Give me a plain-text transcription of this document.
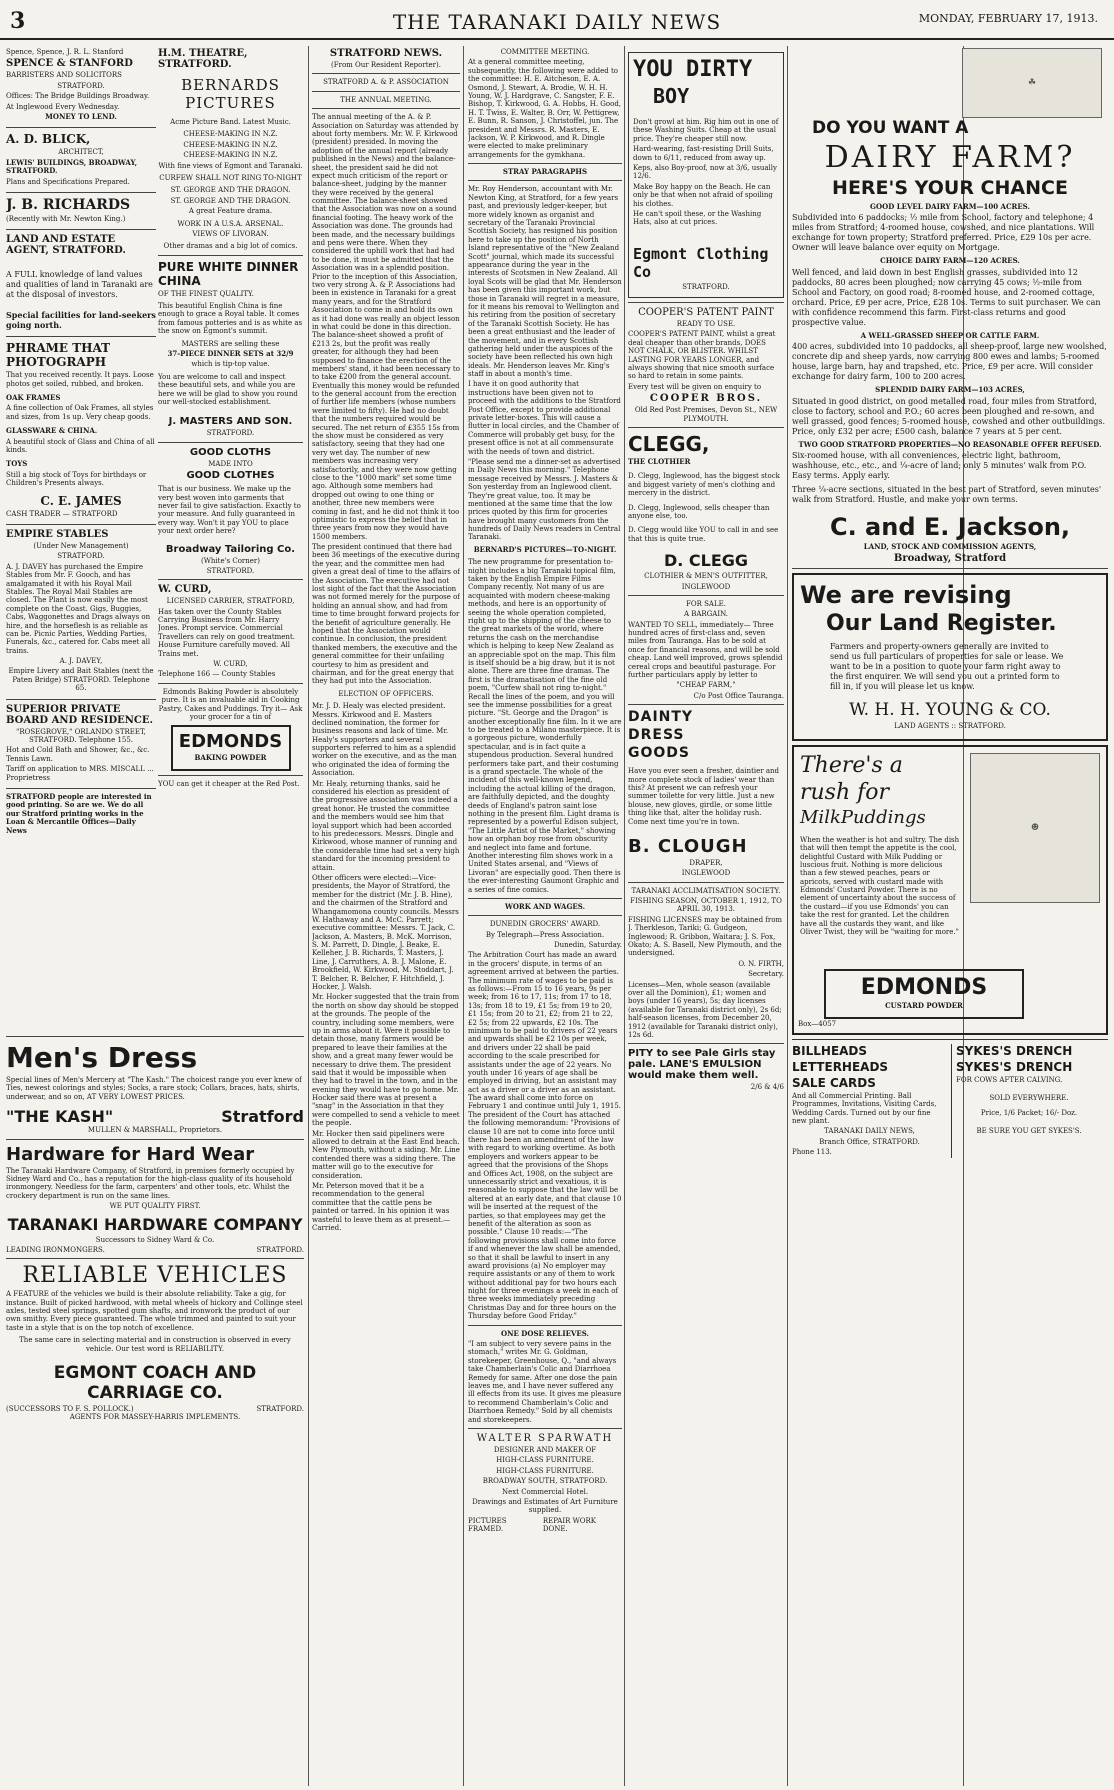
3	THE TARANAKI DAILY NEWS	MONDAY, FEBRUARY 17, 1913.

Spence, Spence, J. R. L. Stanford

SPENCE & STANFORD

BARRISTERS AND SOLICITORS

STRATFORD.

Offices: The Bridge Buildings Broadway.

At Inglewood Every Wednesday.

MONEY TO LEND.

A. D. BLICK,

ARCHITECT,

LEWIS' BUILDINGS, BROADWAY, STRATFORD.

Plans and Specifications Prepared.

J. B. RICHARDS

(Recently with Mr. Newton King.)

LAND AND ESTATE AGENT, STRATFORD.

A FULL knowledge of land values and qualities of land in Taranaki are at the disposal of investors.

Special facilities for land-seekers going north.

PHRAME THAT PHOTOGRAPH

That you received recently. It pays. Loose photos get soiled, rubbed, and broken.

OAK FRAMES

A fine collection of Oak Frames, all styles and sizes, from 1s up. Very cheap goods.

GLASSWARE & CHINA.

A beautiful stock of Glass and China of all kinds.

TOYS

Still a big stock of Toys for birthdays or Children's Presents always.

C. E. JAMES

CASH TRADER — STRATFORD

EMPIRE STABLES

(Under New Management)

STRATFORD.

A. J. DAVEY has purchased the Empire Stables from Mr. F. Gooch, and has amalgamated it with his Royal Mail Stables. The Royal Mail Stables are closed. The Plant is now easily the most complete on the Coast. Gigs, Buggies, Cabs, Waggonettes and Drags always on hire, and the horseflesh is as reliable as can be. Picnic Parties, Wedding Parties, Funerals, &c., catered for. Cabs meet all trains.

A. J. DAVEY,

Empire Livery and Bait Stables (next the Paten Bridge) STRATFORD. Telephone 65.

SUPERIOR PRIVATE BOARD AND RESIDENCE.

"ROSEGROVE," ORLANDO STREET, STRATFORD. Telephone 155.

Hot and Cold Bath and Shower, &c., &c. Tennis Lawn.

Tariff on application to MRS. MISCALL ... Proprietress

STRATFORD people are interested in good printing. So are we. We do all our Stratford printing works in the Loan & Mercantile Offices—Daily News

H.M. THEATRE, STRATFORD.

BERNARDS PICTURES

Acme Picture Band. Latest Music.

CHEESE-MAKING IN N.Z.

CHEESE-MAKING IN N.Z.

CHEESE-MAKING IN N.Z.

With fine views of Egmont and Taranaki.

CURFEW SHALL NOT RING TO-NIGHT

ST. GEORGE AND THE DRAGON.

ST. GEORGE AND THE DRAGON.

A great Feature drama.

WORK IN A U.S.A. ARSENAL.

VIEWS OF LIVORAN.

Other dramas and a big lot of comics.

PURE WHITE DINNER CHINA

OF THE FINEST QUALITY.

This beautiful English China is fine enough to grace a Royal table. It comes from famous potteries and is as white as the snow on Egmont's summit.

MASTERS are selling these

37-PIECE DINNER SETS at 32/9

which is tip-top value.

You are welcome to call and inspect these beautiful sets, and while you are here we will be glad to show you round our well-stocked establishment.

J. MASTERS AND SON.

STRATFORD.

GOOD CLOTHS

MADE INTO

GOOD CLOTHES

That is our business. We make up the very best woven into garments that never fail to give satisfaction. Exactly to your measure. And fully guaranteed in every way. Won't it pay YOU to place your next order here?

Broadway Tailoring Co.

(White's Corner)

STRATFORD.

W. CURD,

LICENSED CARRIER, STRATFORD,

Has taken over the County Stables Carrying Business from Mr. Harry Jones. Prompt service. Commercial Travellers can rely on good treatment. House Furniture carefully moved. All Trains met.

W. CURD,

Telephone 166 — County Stables

Edmonds Baking Powder is absolutely pure. It is an invaluable aid in Cooking Pastry, Cakes and Puddings. Try it— Ask your grocer for a tin of

EDMONDS

BAKING POWDER

YOU can get it cheaper at the Red Post.

Men's Dress

Special lines of Men's Mercery at "The Kash." The choicest range you ever knew of Ties, newest colorings and styles; Socks, a rare stock; Collars, braces, hats, shirts, underwear, and so on, AT VERY LOWEST PRICES.

"THE KASH"	Stratford

MULLEN & MARSHALL, Proprietors.

Hardware for Hard Wear

The Taranaki Hardware Company, of Stratford, in premises formerly occupied by Sidney Ward and Co., has a reputation for the high-class quality of its household ironmongery. Needless for the farm, carpenters' and other tools, etc. Whilst the crockery department is run on the same lines.

WE PUT QUALITY FIRST.

TARANAKI HARDWARE COMPANY

Successors to Sidney Ward & Co.

LEADING IRONMONGERS.	STRATFORD.

RELIABLE VEHICLES

A FEATURE of the vehicles we build is their absolute reliability. Take a gig, for instance. Built of picked hardwood, with metal wheels of hickory and Collinge steel axles, tested steel springs, spotted gum shafts, and ironwork the product of our own smithy. Every piece guaranteed. The whole trimmed and painted to suit your taste in a style that is on the top notch of excellence.

The same care in selecting material and in construction is observed in every vehicle. Our test word is RELIABILITY.

EGMONT COACH AND CARRIAGE CO.

(SUCCESSORS TO F. S. POLLOCK.)	STRATFORD.

AGENTS FOR MASSEY-HARRIS IMPLEMENTS.

STRATFORD NEWS.

(From Our Resident Reporter).

STRATFORD A. & P. ASSOCIATION

THE ANNUAL MEETING.

The annual meeting of the A. & P. Association on Saturday was attended by about forty members. Mr. W. F. Kirkwood (president) presided. In moving the adoption of the annual report (already published in the News) and the balance-sheet, the president said he did not expect much criticism of the report or balance-sheet, judging by the manner they were received by the general committee. The balance-sheet showed that the Association was now on a sound financial footing. The heavy work of the Association was done. The grounds had been made, and the necessary buildings and pens were there. When they considered the uphill work that had had to be done, it must be admitted that the Association was in a splendid position. Prior to the inception of this Association, two very strong A. & P. Associations had been in existence in Taranaki for a great many years, and for the Stratford Association to come in and hold its own as it had done was really an object lesson in what could be done in this direction. The balance-sheet showed a profit of £213 2s, but the profit was really greater, for although they had been supposed to finance the erection of the members' stand, it had been necessary to to take £200 from the general account. Eventually this money would be refunded to the general account from the erection of further life members (whose numbers were limited to fifty). He had no doubt that the numbers required would be secured. The net return of £355 15s from the show must be considered as very satisfactory, seeing that they had one very wet day. The number of new members was increasing very satisfactorily, and they were now getting close to the "1000 mark" set some time ago. Although some members had dropped out owing to one thing or another, three new members were coming in fast, and he did not think it too optimistic to express the belief that in three years from now they would have 1500 members.

The president continued that there had been 36 meetings of the executive during the year, and the committee men had given a great deal of time to the affairs of the Association. The executive had not lost sight of the fact that the Association was not formed merely for the purpose of holding an annual show, and had from time to time brought forward projects for the benefit of agriculture generally. He hoped that the Association would continue. In conclusion, the president thanked members, the executive and the general committee for their unfailing courtesy to him as president and chairman, and for the great energy that they had put into the Association.

ELECTION OF OFFICERS.

Mr. J. D. Healy was elected president. Messrs. Kirkwood and E. Masters declined nomination, the former for business reasons and lack of time. Mr. Healy's supporters and several supporters referred to him as a splendid worker on the executive, and as the man who originated the idea of forming the Association.

Mr. Healy, returning thanks, said he considered his election as president of the progressive association was indeed a great honor. He trusted the committee and the members would see him that loyal support which had been accorded to his predecessors. Messrs. Dingle and Kirkwood, whose manner of running and the considerable time had set a very high standard for the incoming president to attain.

Other officers were elected:—Vice-presidents, the Mayor of Stratford, the member for the district (Mr. J. B. Hine), and the chairmen of the Stratford and Whangamomona county councils. Messrs W. Hathaway and A. McC. Parrett; executive committee: Messrs. T. Jack, C. Jackson, A. Masters, B. McK. Morrison, S. M. Parrett, D. Dingle, J. Beake, E. Kelleher, J. B. Richards, T. Masters, J. Line, J. Carruthers, A. B. J. Malone, E. Brookfield, W. Kirkwood, M. Stoddart, J. T. Belcher, R. Belcher, F. Hitchfield, J. Hocker, J. Walsh.

Mr. Hocker suggested that the train from the north on show day should be stopped at the grounds. The people of the country, including some members, were up in arms about it. Were it possible to detain those, many farmers would be prepared to leave their families at the show, and a great many fewer would be necessary to drive them. The president said that it would be impossible when they had to travel in the town, and in the evening they would have to go home. Mr. Hocker said there was at present a "snag" in the Association in that they were compelled to send a vehicle to meet the people.

Mr. Hocker then said pipeliners were allowed to detrain at the East End beach. New Plymouth, without a siding. Mr. Line contended there was a siding there. The matter will go to the executive for consideration.

Mr. Peterson moved that it be a recommendation to the general committee that the cattle pens be painted or tarred. In his opinion it was wasteful to leave them as at present.—Carried.

COMMITTEE MEETING.

At a general committee meeting, subsequently, the following were added to the committee: H. E. Aitcheson, E. A. Osmond, J. Stewart, A. Brodie, W. H. H. Young, W. J. Hardgrave, C. Sangster, F. E. Bishop, T. Kirkwood, G. A. Hobbs, H. Good, H. T. Twiss, E. Walter, B. Orr, W. Pettigrew, E. Bunn, R. Sanson, J. Christoffel, jun. The president and Messrs. R. Masters, E. Jackson, W. P. Kirkwood, and R. Dingle were elected to make preliminary arrangements for the gymkhana.

STRAY PARAGRAPHS

Mr. Roy Henderson, accountant with Mr. Newton King, at Stratford, for a few years past, and previously ledger-keeper, but more widely known as organist and secretary of the Taranaki Provincial Scottish Society, has resigned his position here to take up the position of North Island representative of the "New Zealand Scott" journal, which made its successful appearance during the year in the interests of Scotsmen in New Zealand. All loyal Scots will be glad that Mr. Henderson has been given this important work, but those in Taranaki will regret in a measure, for it means his removal to Wellington and his retiring from the position of secretary of the Taranaki Scottish Society. He has been a great enthusiast and the leader of the movement, and in every Scottish gathering held under the auspices of the society have been reflected his own high ideals. Mr. Henderson leaves Mr. King's staff in about a month's time.

I have it on good authority that instructions have been given not to proceed with the additions to the Stratford Post Office, except to provide additional private letter-boxes. This will cause a flutter in local circles, and the Chamber of Commerce will probably get busy, for the present office is not at all commensurate with the needs of town and district.

"Please send me a dinner-set as advertised in Daily News this morning." Telephone message received by Messrs. J. Masters & Son yesterday from an Inglewood client. They're great value, too. It may be mentioned at the same time that the low prices quoted by this firm for groceries have brought many customers from the hundreds of Daily News readers in Central Taranaki.

BERNARD'S PICTURES—TO-NIGHT.

The new programme for presentation to-night includes a big Taranaki topical film, taken by the English Empire Films Company recently. Not many of us are acquainted with modern cheese-making methods, and here is an opportunity of seeing the whole operation completed, right up to the shipping of the cheese to the great markets of the world, where returns the cash on the merchandise which is helping to keep New Zealand as an appreciable spot on the map. This film is itself should be a big draw, but it is not alone. There are three fine dramas. The first is the dramatisation of the fine old poem, "Curfew shall not ring to-night." Recall the lines of the poem, and you will see the immense possibilities for a great picture. "St. George and the Dragon" is another exceptionally fine film. In it we are to be treated to a Milano masterpiece. It is a gorgeous picture, wonderfully spectacular, and is in fact quite a stupendous production. Several hundred performers take part, and their costuming is a grand spectacle. The whole of the incident of this well-known legend, including the actual killing of the dragon, are faithfully depicted, and the doughty deeds of England's patron saint lose nothing in the present film. Light drama is represented by a powerful Edison subject, "The Little Artist of the Market," showing how an orphan boy rose from obscurity and neglect into fame and fortune. Another interesting film shows work in a United States arsenal, and "Views of Livoran" are especially good. Then there is the ever-interesting Gaumont Graphic and a series of fine comics.

WORK AND WAGES.

DUNEDIN GROCERS' AWARD.

By Telegraph—Press Association.

Dunedin, Saturday.

The Arbitration Court has made an award in the grocers' dispute, in terms of an agreement arrived at between the parties. The minimum rate of wages to be paid is as follows:—From 15 to 16 years, 9s per week; from 16 to 17, 11s; from 17 to 18, 13s; from 18 to 19, £1 5s; from 19 to 20, £1 15s; from 20 to 21, £2; from 21 to 22, £2 5s; from 22 upwards, £2 10s. The minimum to be paid to drivers of 22 years and upwards shall be £2 10s per week, and drivers under 22 shall be paid according to the scale prescribed for assistants under the age of 22 years. No youth under 16 years of age shall be employed in driving, but an assistant may act as a driver or a driver as an assistant. The award shall come into force on February 1 and continue until July 1, 1915. The president of the Court has attached the following memorandum: "Provisions of clause 10 are not to come into force until there has been an amendment of the law with regard to working overtime. As both employers and workers appear to be agreed that the provisions of the Shops and Offices Act, 1908, on the subject are unnecessarily strict and vexatious, it is reasonable to suppose that the law will be altered at an early date, and that clause 10 will be inserted at the request of the parties, so that employees may get the benefit of the alteration as soon as possible." Clause 10 reads:—"The following provisions shall come into force if and whenever the law shall be amended, so that it shall be lawful to insert in any award provisions (a) No employer may require assistants or any of them to work without additional pay for two hours each night for three evenings a week in each of three weeks immediately preceding Christmas Day and for three hours on the Thursday before Good Friday."

ONE DOSE RELIEVES.

"I am subject to very severe pains in the stomach," writes Mr. G. Goldman, storekeeper, Greenhouse, Q., "and always take Chamberlain's Colic and Diarrhoea Remedy for same. After one dose the pain leaves me, and I have never suffered any ill effects from its use. It gives me pleasure to recommend Chamberlain's Colic and Diarrhoea Remedy." Sold by all chemists and storekeepers.

WALTER SPARWATH

DESIGNER AND MAKER OF

HIGH-CLASS FURNITURE.

HIGH-CLASS FURNITURE.

BROADWAY SOUTH, STRATFORD.

Next Commercial Hotel.

Drawings and Estimates of Art Furniture supplied.

PICTURES FRAMED.
REPAIR WORK DONE.

YOU DIRTY

BOY

Don't growl at him. Rig him out in one of these Washing Suits. Cheap at the usual price. They're cheaper still now.

Hard-wearing, fast-resisting Drill Suits, down to 6/11, reduced from away up.

Keps, also Boy-proof, now at 3/6, usually 12/6.

Make Boy happy on the Beach. He can only be that when not afraid of spoiling his clothes.

He can't spoil these, or the Washing Hats, also at cut prices.

Egmont Clothing Co

STRATFORD.

COOPER'S PATENT PAINT

READY TO USE.

COOPER'S PATENT PAINT, whilst a great deal cheaper than other brands, DOES NOT CHALK, OR BLISTER. WHILST LASTING FOR YEARS LONGER, and always showing that nice smooth surface so hard to retain in some paints.

Every test will be given on enquiry to

COOPER BROS.

Old Red Post Premises, Devon St., NEW PLYMOUTH.

CLEGG,

THE CLOTHIER

D. Clegg, Inglewood, has the biggest stock and biggest variety of men's clothing and mercery in the district.

D. Clegg, Inglewood, sells cheaper than anyone else, too.

D. Clegg would like YOU to call in and see that this is quite true.

D. CLEGG

CLOTHIER & MEN'S OUTFITTER,

INGLEWOOD

FOR SALE.

A BARGAIN.

WANTED TO SELL, immediately— Three hundred acres of first-class and, seven miles from Tauranga. Has to be sold at once for financial reasons, and will be sold cheap. Land well improved, grows splendid cereal crops and beautiful pasturage. For further particulars apply by letter to

"CHEAP FARM,"

C/o Post Office Tauranga.

DAINTY

DRESS

GOODS

Have you ever seen a fresher, daintier and more complete stock of ladies' wear than this? At present we can refresh your summer toilette for very little. Just a new blouse, new gloves, girdle, or some little thing like that, alter the holiday rush. Come next time you're in town.

B. CLOUGH

DRAPER,

INGLEWOOD

TARANAKI ACCLIMATISATION SOCIETY.

FISHING SEASON, OCTOBER 1, 1912, TO APRIL 30, 1913.

FISHING LICENSES may be obtained from J. Therkleson, Tariki; G. Gudgeon, Inglewood; R. Gribbon, Waitara; J. S. Fox, Okato; A. S. Basell, New Plymouth, and the undersigned.

O. N. FIRTH,

Secretary.

Licenses—Men, whole season (available over all the Dominion), £1; women and boys (under 16 years), 5s; day licenses (available for Taranaki district only), 2s 6d; half-season licenses, from December 20, 1912 (available for Taranaki district only), 12s 6d.

PITY to see Pale Girls stay pale. LANE'S EMULSION would make them well.

2/6 & 4/6

☘

DO YOU WANT A

DAIRY FARM?

HERE'S YOUR CHANCE

GOOD LEVEL DAIRY FARM—100 ACRES.

Subdivided into 6 paddocks; ½ mile from School, factory and telephone; 4 miles from Stratford; 4-roomed house, cowshed, and nice plantations. Will exchange for town property; Stratford preferred. Price, £29 10s per acre. Owner will leave balance over equity on Mortgage.

CHOICE DAIRY FARM—120 ACRES.

Well fenced, and laid down in best English grasses, subdivided into 12 paddocks, 80 acres been ploughed; now carrying 45 cows; ½-mile from School and Factory, on good road; 8-roomed house, and 2-roomed cottage, orchard. Price, £9 per acre, Price, £28 10s. Terms to suit purchaser. We can with confidence recommend this farm. First-class returns and good prospective value.

A WELL-GRASSED SHEEP OR CATTLE FARM.

400 acres, subdivided into 10 paddocks, all sheep-proof, large new woolshed, concrete dip and sheep yards, now carrying 800 ewes and lambs; 5-roomed house, large barn, hay and trapshed, etc. Price, £9 per acre. Will consider exchange for dairy farm, 100 to 200 acres.

SPLENDID DAIRY FARM—103 ACRES,

Situated in good district, on good metalled road, four miles from Stratford, close to factory, school and P.O.; 60 acres been ploughed and re-sown, and well grassed, good fences; 5-roomed house, cowshed and other outbuildings. Price, only £32 per acre; £500 cash, balance 7 years at 5 per cent.

TWO GOOD STRATFORD PROPERTIES—NO REASONABLE OFFER REFUSED.

Six-roomed house, with all conveniences, electric light, bathroom, washhouse, etc., etc., and ¼-acre of land; only 5 minutes' walk from P.O. Easy terms. Apply early.

Three ¼-acre sections, situated in the best part of Stratford, seven minutes' walk from Stratford. Hustle, and make your own terms.

C. and E. Jackson,

LAND, STOCK AND COMMISSION AGENTS,

Broadway, Stratford

We are revising

Our Land Register.

Farmers and property-owners generally are invited to send us full particulars of properties for sale or lease. We want to be in a position to quote your farm right away to the first enquirer. We will send you out a printed form to fill in, if you will please let us know.

W. H. H. YOUNG & CO.

LAND AGENTS :: STRATFORD.

There's a

rush for

MilkPuddings

When the weather is hot and sultry. The dish that will then tempt the appetite is the cool, delightful Custard with Milk Pudding or luscious fruit. Nothing is more delicious than a few stewed peaches, pears or apricots, served with custard made with Edmonds' Custard Powder. There is no element of uncertainty about the success of the custard—if you use Edmonds' you can take the rest for granted. Let the children have all the custards they want, and like Oliver Twist, they will be "waiting for more."

☻

EDMONDS

CUSTARD POWDER

Box—4057

BILLHEADS

LETTERHEADS

SALE CARDS

And all Commercial Printing. Ball Programmes, Invitations, Visiting Cards, Wedding Cards. Turned out by our fine new plant.

TARANAKI DAILY NEWS,

Branch Office, STRATFORD.

Phone 113.

SYKES'S DRENCH

SYKES'S DRENCH

FOR COWS AFTER CALVING.

SOLD EVERYWHERE.

Price, 1/6 Packet; 16/- Doz.

BE SURE YOU GET SYKES'S.
